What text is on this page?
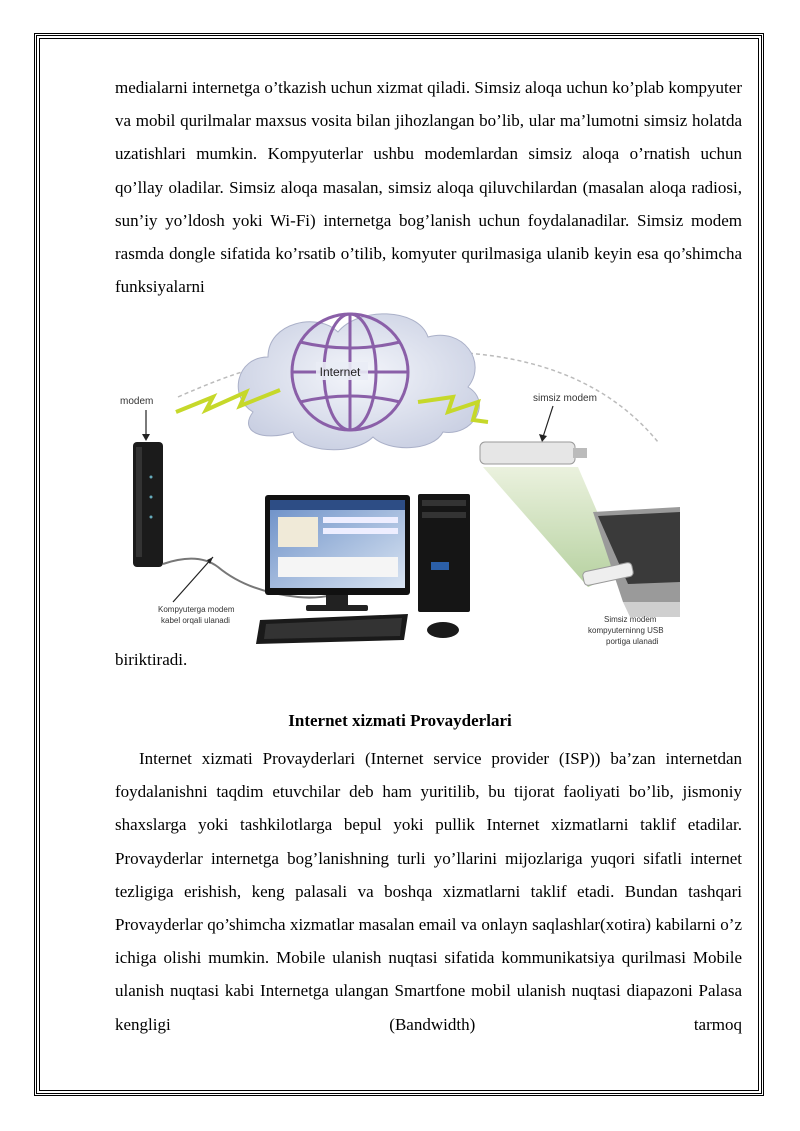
medialarni internetga o’tkazish uchun xizmat qiladi. Simsiz aloqa uchun ko’plab kompyuter va mobil qurilmalar maxsus vosita bilan jihozlangan bo’lib, ular ma’lumotni simsiz holatda uzatishlari mumkin. Kompyuterlar ushbu modemlardan simsiz aloqa o’rnatish uchun qo’llay oladilar. Simsiz aloqa masalan, simsiz aloqa qiluvchilardan (masalan aloqa radiosi, sun’iy yo’ldosh yoki Wi-Fi) internetga bog’lanish uchun foydalanadilar. Simsiz modem rasmda dongle sifatida ko’rsatib o’tilib, komyuter qurilmasiga ulanib keyin esa qo’shimcha funksiyalarni

Internet
modem
Kompyuterga modem
kabel orqali ulanadi
simsiz modem
Simsiz modem
kompyuterninng USB
portiga ulanadi
biriktiradi.
Internet xizmati Provayderlari

Internet xizmati Provayderlari (Internet service provider (ISP)) ba’zan internetdan foydalanishni taqdim etuvchilar deb ham yuritilib, bu tijorat faoliyati bo’lib, jismoniy shaxslarga yoki tashkilotlarga bepul yoki pullik Internet xizmatlarni taklif etadilar. Provayderlar internetga bog’lanishning turli yo’llarini mijozlariga yuqori sifatli internet tezligiga erishish, keng palasali va boshqa xizmatlarni taklif etadi. Bundan tashqari Provayderlar qo’shimcha xizmatlar masalan email va onlayn saqlashlar(xotira) kabilarni o’z ichiga olishi mumkin. Mobile ulanish nuqtasi sifatida kommunikatsiya qurilmasi Mobile ulanish nuqtasi kabi Internetga ulangan Smartfone mobil ulanish nuqtasi diapazoni Palasa kengligi (Bandwidth) tarmoq
